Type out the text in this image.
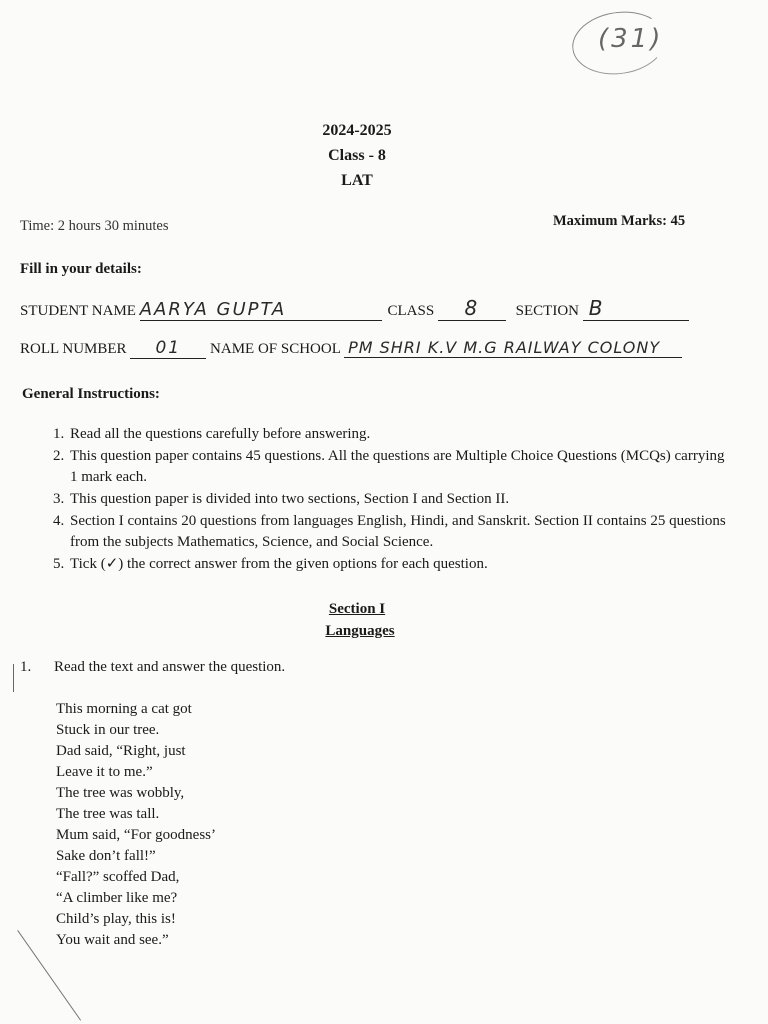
(31)
2024-2025
Class - 8
LAT
Time: 2 hours 30 minutes	Maximum Marks: 45
Fill in your details:
STUDENT NAME AARYA GUPTA	CLASS 8 SECTION B
ROLL NUMBER 01 NAME OF SCHOOL PM SHRI K.V M.G RAILWAY COLONY
General Instructions:
1. Read all the questions carefully before answering.
2. This question paper contains 45 questions. All the questions are Multiple Choice Questions (MCQs) carrying 1 mark each.
3. This question paper is divided into two sections, Section I and Section II.
4. Section I contains 20 questions from languages English, Hindi, and Sanskrit. Section II contains 25 questions from the subjects Mathematics, Science, and Social Science.
5. Tick (✓) the correct answer from the given options for each question.
Section I
Languages
1. Read the text and answer the question.
This morning a cat got
Stuck in our tree.
Dad said, “Right, just
Leave it to me.”
The tree was wobbly,
The tree was tall.
Mum said, “For goodness’
Sake don’t fall!”
“Fall?” scoffed Dad,
“A climber like me?
Child’s play, this is!
You wait and see.”
